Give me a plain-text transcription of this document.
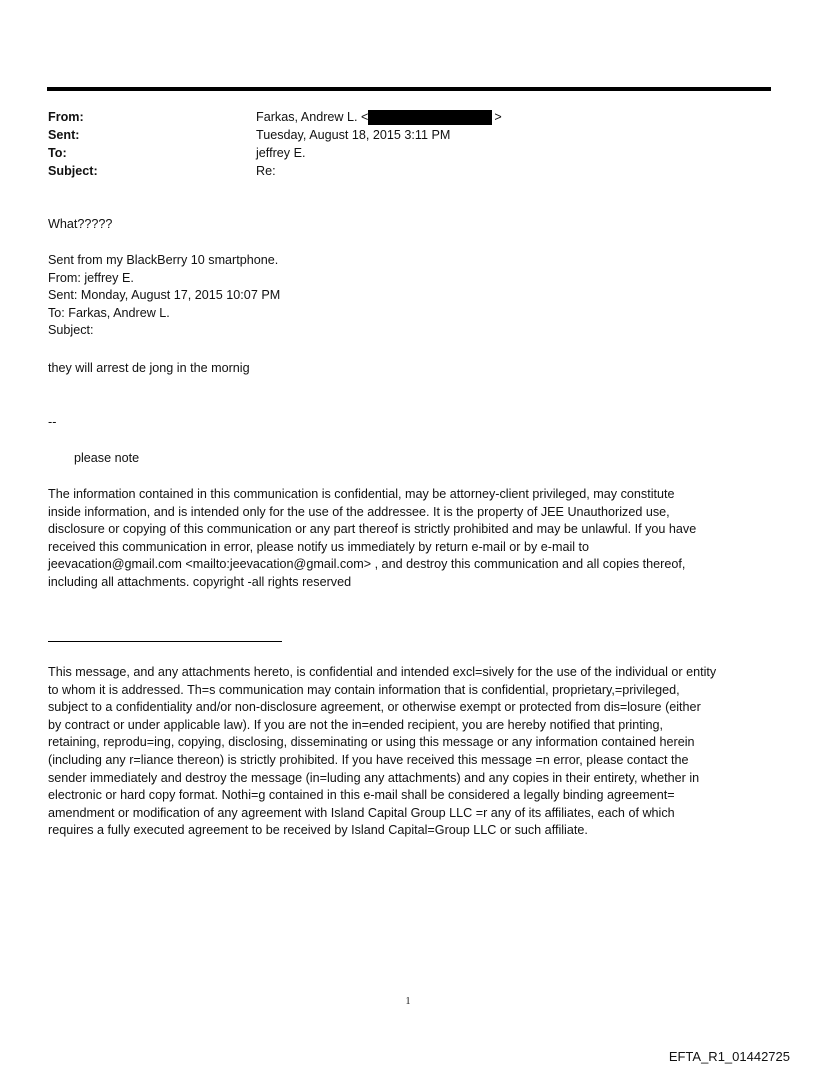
From:	Farkas, Andrew L. <	>
Sent:	Tuesday, August 18, 2015 3:11 PM
To:	jeffrey E.
Subject:	Re:
What?????
Sent from my BlackBerry 10 smartphone.
From: jeffrey E.
Sent: Monday, August 17, 2015 10:07 PM
To: Farkas, Andrew L.
Subject:
they will arrest de jong in the mornig
--
please note
The information contained in this communication is confidential, may be attorney-client privileged, may constitute
inside information, and is intended only for the use of the addressee. It is the property of JEE Unauthorized use,
disclosure or copying of this communication or any part thereof is strictly prohibited and may be unlawful. If you have
received this communication in error, please notify us immediately by return e-mail or by e-mail to
jeevacation@gmail.com <mailto:jeevacation@gmail.com> , and destroy this communication and all copies thereof,
including all attachments. copyright -all rights reserved
This message, and any attachments hereto, is confidential and intended excl=sively for the use of the individual or entity
to whom it is addressed. Th=s communication may contain information that is confidential, proprietary,=privileged,
subject to a confidentiality and/or non-disclosure agreement, or otherwise exempt or protected from dis=losure (either
by contract or under applicable law). If you are not the in=ended recipient, you are hereby notified that printing,
retaining, reprodu=ing, copying, disclosing, disseminating or using this message or any information contained herein
(including any r=liance thereon) is strictly prohibited. If you have received this message =n error, please contact the
sender immediately and destroy the message (in=luding any attachments) and any copies in their entirety, whether in
electronic or hard copy format. Nothi=g contained in this e-mail shall be considered a legally binding agreement=
amendment or modification of any agreement with Island Capital Group LLC =r any of its affiliates, each of which
requires a fully executed agreement to be received by Island Capital=Group LLC or such affiliate.
1
EFTA_R1_01442725
